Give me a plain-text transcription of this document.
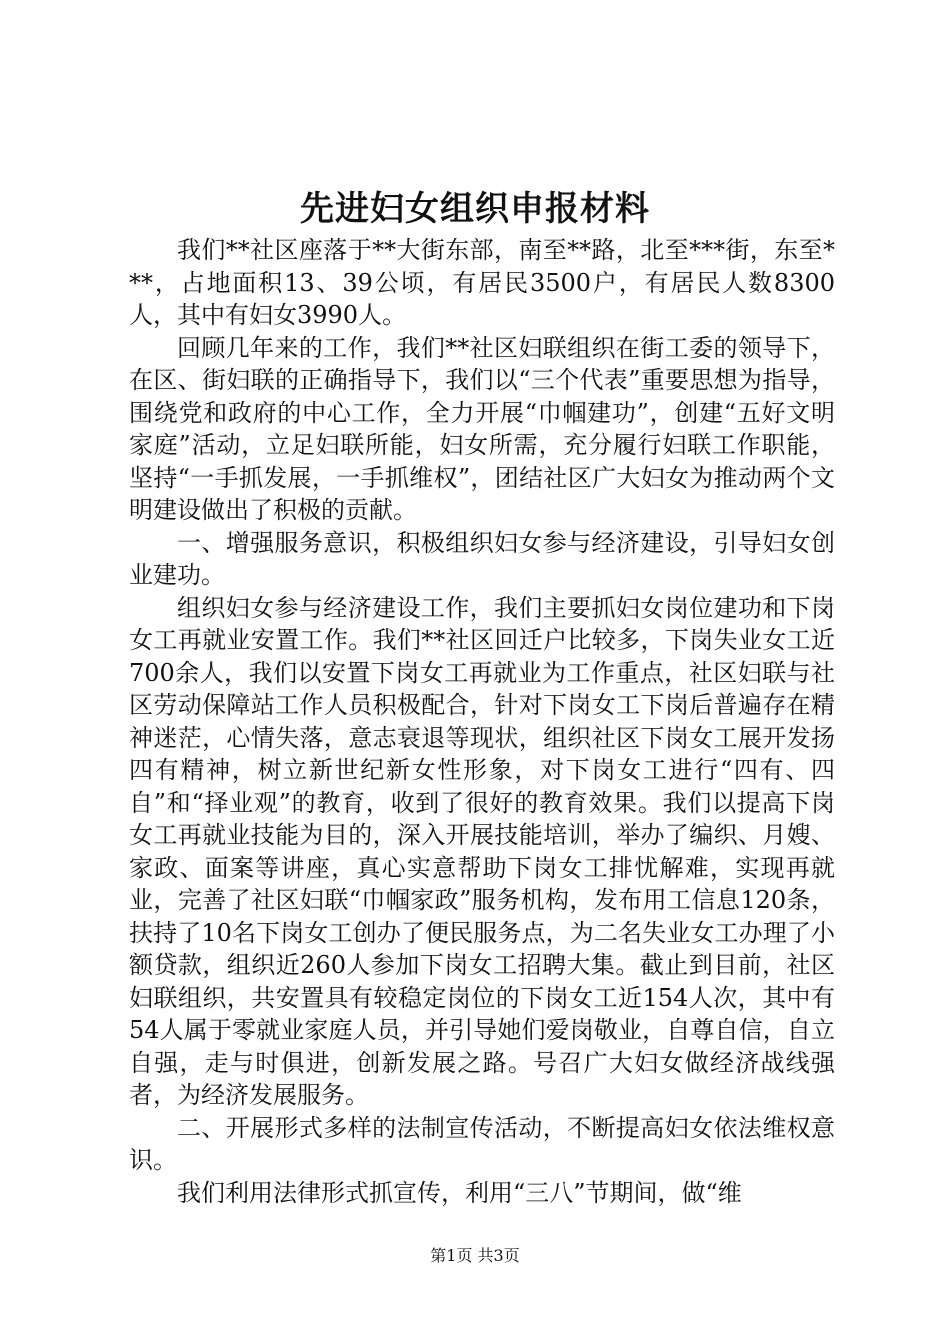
先进妇女组织申报材料

我们**社区座落于**大街东部，南至**路，北至***街，东至***，占地面积13、39公顷，有居民3500户，有居民人数8300人，其中有妇女3990人。

回顾几年来的工作，我们**社区妇联组织在街工委的领导下，在区、街妇联的正确指导下，我们以“三个代表”重要思想为指导，围绕党和政府的中心工作，全力开展“巾帼建功”，创建“五好文明家庭”活动，立足妇联所能，妇女所需，充分履行妇联工作职能，坚持“一手抓发展，一手抓维权”，团结社区广大妇女为推动两个文明建设做出了积极的贡献。

一、增强服务意识，积极组织妇女参与经济建设，引导妇女创业建功。

组织妇女参与经济建设工作，我们主要抓妇女岗位建功和下岗女工再就业安置工作。我们**社区回迁户比较多，下岗失业女工近700余人，我们以安置下岗女工再就业为工作重点，社区妇联与社区劳动保障站工作人员积极配合，针对下岗女工下岗后普遍存在精神迷茫，心情失落，意志衰退等现状，组织社区下岗女工展开发扬四有精神，树立新世纪新女性形象，对下岗女工进行“四有、四自”和“择业观”的教育，收到了很好的教育效果。我们以提高下岗女工再就业技能为目的，深入开展技能培训，举办了编织、月嫂、家政、面案等讲座，真心实意帮助下岗女工排忧解难，实现再就业，完善了社区妇联“巾帼家政”服务机构，发布用工信息120条，扶持了10名下岗女工创办了便民服务点，为二名失业女工办理了小额贷款，组织近260人参加下岗女工招聘大集。截止到目前，社区妇联组织，共安置具有较稳定岗位的下岗女工近154人次，其中有54人属于零就业家庭人员，并引导她们爱岗敬业，自尊自信，自立自强，走与时俱进，创新发展之路。号召广大妇女做经济战线强者，为经济发展服务。

二、开展形式多样的法制宣传活动，不断提高妇女依法维权意识。

我们利用法律形式抓宣传，利用“三八”节期间，做“维

第1页 共3页
